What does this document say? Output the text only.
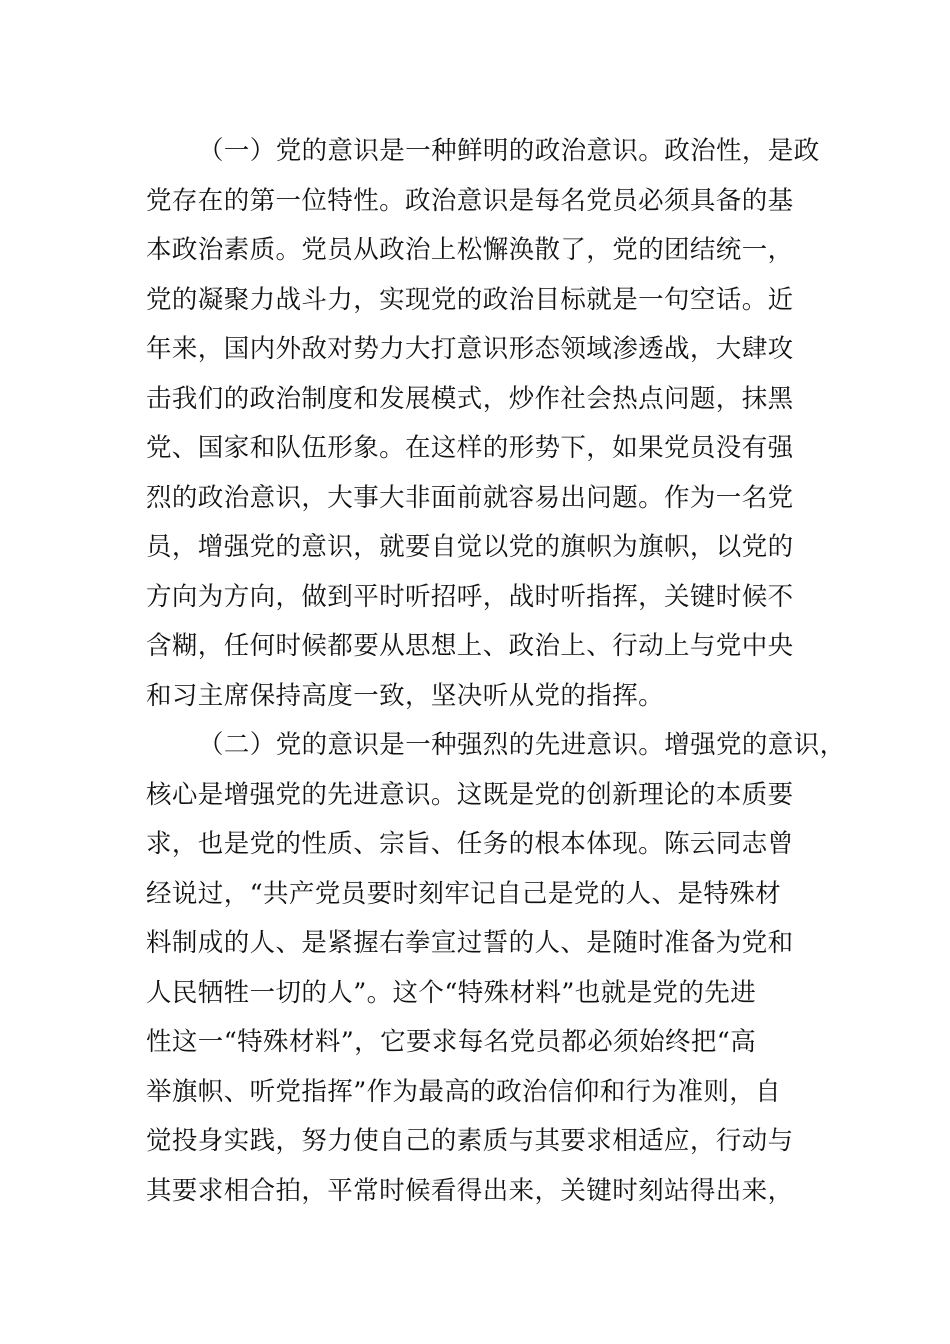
（一）党的意识是一种鲜明的政治意识。政治性，是政
党存在的第一位特性。政治意识是每名党员必须具备的基
本政治素质。党员从政治上松懈涣散了，党的团结统一，
党的凝聚力战斗力，实现党的政治目标就是一句空话。近
年来，国内外敌对势力大打意识形态领域渗透战，大肆攻
击我们的政治制度和发展模式，炒作社会热点问题，抹黑
党、国家和队伍形象。在这样的形势下，如果党员没有强
烈的政治意识，大事大非面前就容易出问题。作为一名党
员，增强党的意识，就要自觉以党的旗帜为旗帜，以党的
方向为方向，做到平时听招呼，战时听指挥，关键时候不
含糊，任何时候都要从思想上、政治上、行动上与党中央
和习主席保持高度一致，坚决听从党的指挥。
（二）党的意识是一种强烈的先进意识。增强党的意识，
核心是增强党的先进意识。这既是党的创新理论的本质要
求，也是党的性质、宗旨、任务的根本体现。陈云同志曾
经说过，“共产党员要时刻牢记自己是党的人、是特殊材
料制成的人、是紧握右拳宣过誓的人、是随时准备为党和
人民牺牲一切的人”。这个“特殊材料”也就是党的先进
性这一“特殊材料”，它要求每名党员都必须始终把“高
举旗帜、听党指挥”作为最高的政治信仰和行为准则，自
觉投身实践，努力使自己的素质与其要求相适应，行动与
其要求相合拍，平常时候看得出来，关键时刻站得出来，
